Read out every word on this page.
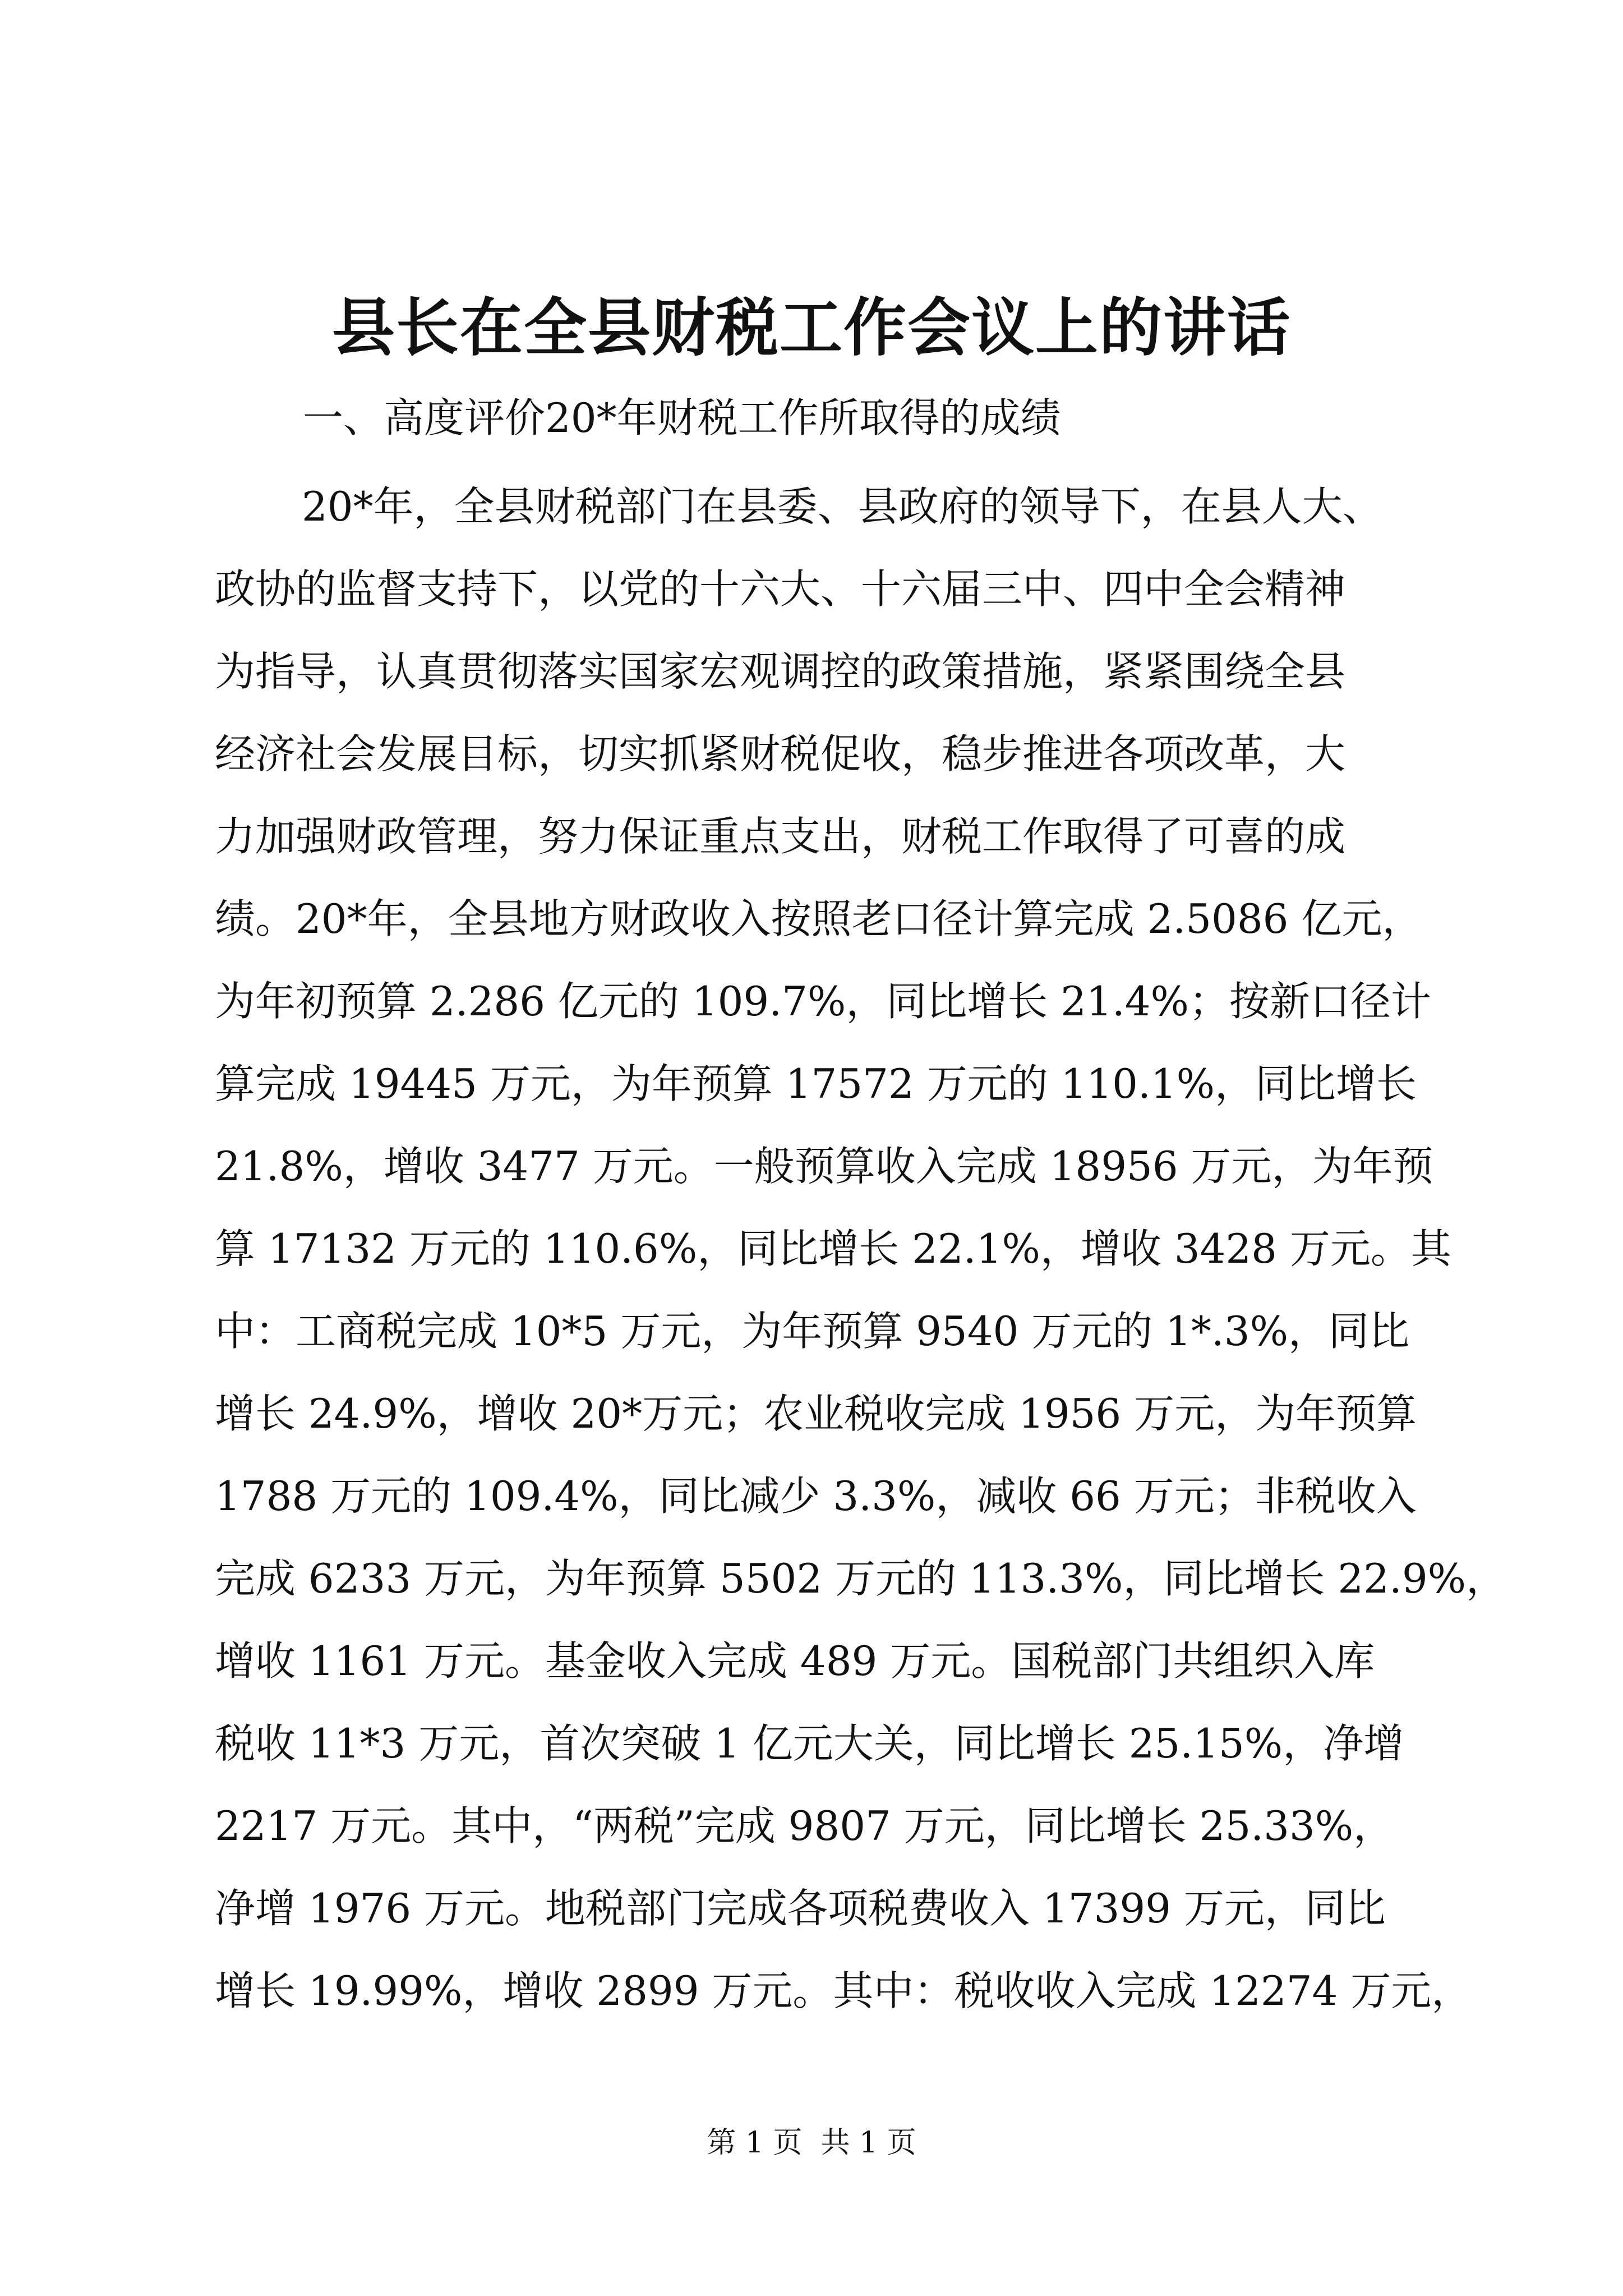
县长在全县财税工作会议上的讲话
一、高度评价20*年财税工作所取得的成绩
20*年，全县财税部门在县委、县政府的领导下，在县人大、
政协的监督支持下，以党的十六大、十六届三中、四中全会精神
为指导，认真贯彻落实国家宏观调控的政策措施，紧紧围绕全县
经济社会发展目标，切实抓紧财税促收，稳步推进各项改革，大
力加强财政管理，努力保证重点支出，财税工作取得了可喜的成
绩。20*年，全县地方财政收入按照老口径计算完成 2.5086 亿元，
为年初预算 2.286 亿元的 109.7%，同比增长 21.4%；按新口径计
算完成 19445 万元，为年预算 17572 万元的 110.1%，同比增长
21.8%，增收 3477 万元。一般预算收入完成 18956 万元，为年预
算 17132 万元的 110.6%，同比增长 22.1%，增收 3428 万元。其
中：工商税完成 10*5 万元，为年预算 9540 万元的 1*.3%，同比
增长 24.9%，增收 20*万元；农业税收完成 1956 万元，为年预算
1788 万元的 109.4%，同比减少 3.3%，减收 66 万元；非税收入
完成 6233 万元，为年预算 5502 万元的 113.3%，同比增长 22.9%，
增收 1161 万元。基金收入完成 489 万元。国税部门共组织入库
税收 11*3 万元，首次突破 1 亿元大关，同比增长 25.15%，净增
2217 万元。其中，“两税”完成 9807 万元，同比增长 25.33%，
净增 1976 万元。地税部门完成各项税费收入 17399 万元，同比
增长 19.99%，增收 2899 万元。其中：税收收入完成 12274 万元，
第 1 页  共 1 页
